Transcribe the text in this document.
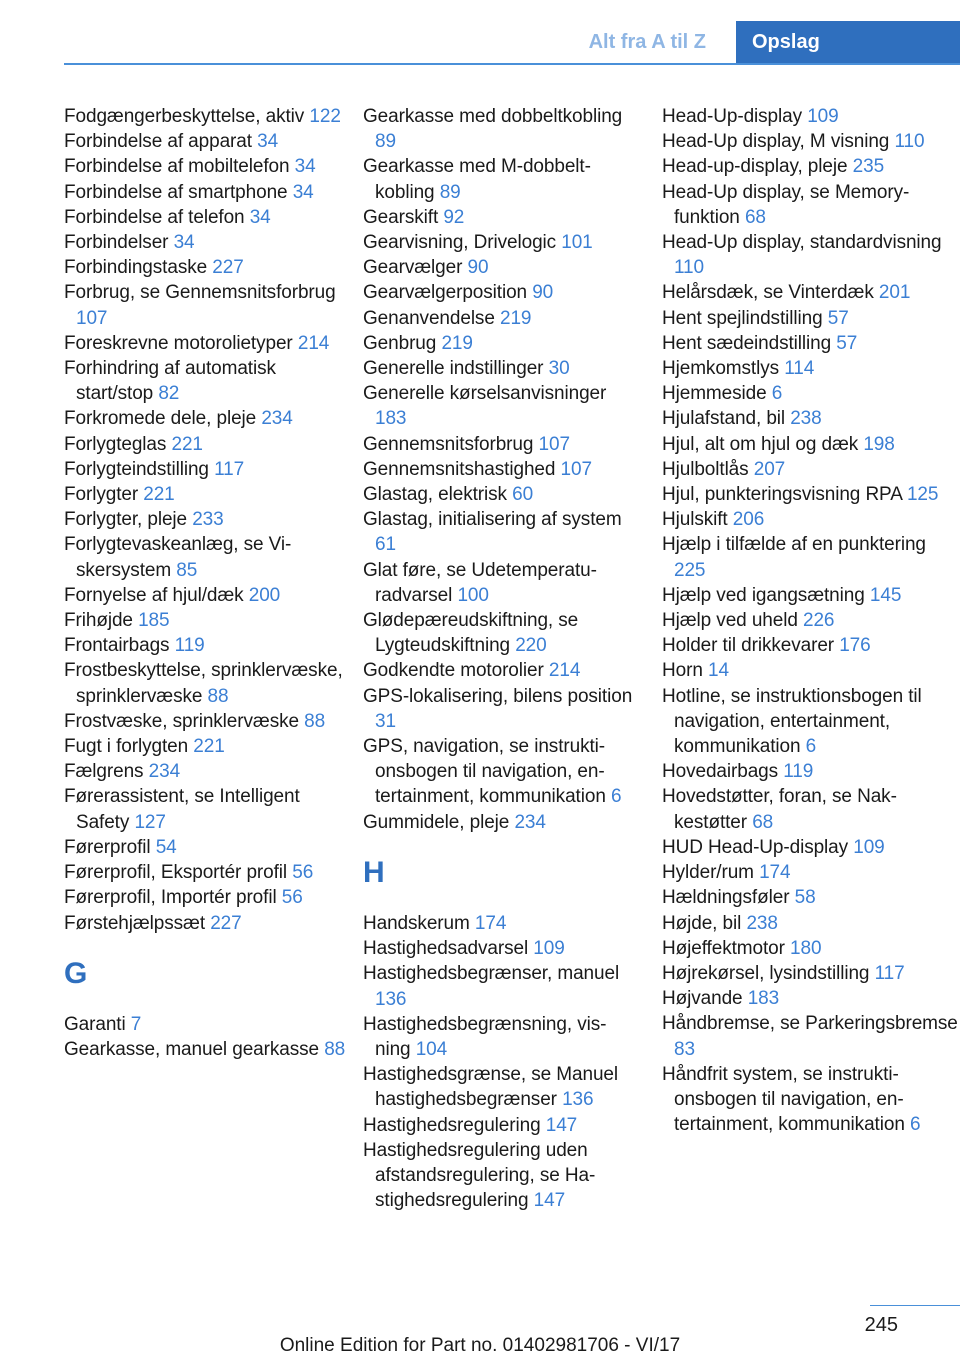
Alt fra A til Z	Opslag
Fodgængerbeskyttelse, aktiv 122
Forbindelse af apparat 34
Forbindelse af mobiltelefon 34
Forbindelse af smartphone 34
Forbindelse af telefon 34
Forbindelser 34
Forbindingstaske 227
Forbrug, se Gennemsnitsforbrug 107
Foreskrevne motorolietyper 214
Forhindring af automatisk start/stop 82
Forkromede dele, pleje 234
Forlygteglas 221
Forlygteindstilling 117
Forlygter 221
Forlygter, pleje 233
Forlygtevaskeanlæg, se Viskersystem 85
Fornyelse af hjul/dæk 200
Frihøjde 185
Frontairbags 119
Frostbeskyttelse, sprinklervæske, sprinklervæske 88
Frostvæske, sprinklervæske 88
Fugt i forlygten 221
Fælgrens 234
Førerassistent, se Intelligent Safety 127
Førerprofil 54
Førerprofil, Eksportér profil 56
Førerprofil, Importér profil 56
Førstehjælpssæt 227
G
Garanti 7
Gearkasse, manuel gearkasse 88
Gearkasse med dobbeltkobling 89
Gearkasse med M-dobbeltkobling 89
Gearskift 92
Gearvisning, Drivelogic 101
Gearvælger 90
Gearvælgerposition 90
Genanvendelse 219
Genbrug 219
Generelle indstillinger 30
Generelle kørselsanvisninger 183
Gennemsnitsforbrug 107
Gennemsnitshastighed 107
Glastag, elektrisk 60
Glastag, initialisering af system 61
Glat føre, se Udetemperaturadvarsel 100
Glødepæreudskiftning, se Lygteudskiftning 220
Godkendte motorolier 214
GPS-lokalisering, bilens position 31
GPS, navigation, se instruktionsbogen til navigation, entertainment, kommunikation 6
Gummidele, pleje 234
H
Handskerum 174
Hastighedsadvarsel 109
Hastighedsbegrænser, manuel 136
Hastighedsbegrænsning, visning 104
Hastighedsgrænse, se Manuel hastighedsbegrænser 136
Hastighedsregulering 147
Hastighedsregulering uden afstandsregulering, se Hastighedsregulering 147
Head-Up-display 109
Head-Up display, M visning 110
Head-up-display, pleje 235
Head-Up display, se Memory-funktion 68
Head-Up display, standardvisning 110
Helårsdæk, se Vinterdæk 201
Hent spejlindstilling 57
Hent sædeindstilling 57
Hjemkomstlys 114
Hjemmeside 6
Hjulafstand, bil 238
Hjul, alt om hjul og dæk 198
Hjulboltlås 207
Hjul, punkteringsvisning RPA 125
Hjulskift 206
Hjælp i tilfælde af en punktering 225
Hjælp ved igangsætning 145
Hjælp ved uheld 226
Holder til drikkevarer 176
Horn 14
Hotline, se instruktionsbogen til navigation, entertainment, kommunikation 6
Hovedairbags 119
Hovedstøtter, foran, se Nakkestøtter 68
HUD Head-Up-display 109
Hylder/rum 174
Hældningsføler 58
Højde, bil 238
Højeffektmotor 180
Højrekørsel, lysindstilling 117
Højvande 183
Håndbremse, se Parkeringsbremse 83
Håndfrit system, se instruktionsbogen til navigation, entertainment, kommunikation 6
245
Online Edition for Part no. 01402981706 - VI/17
